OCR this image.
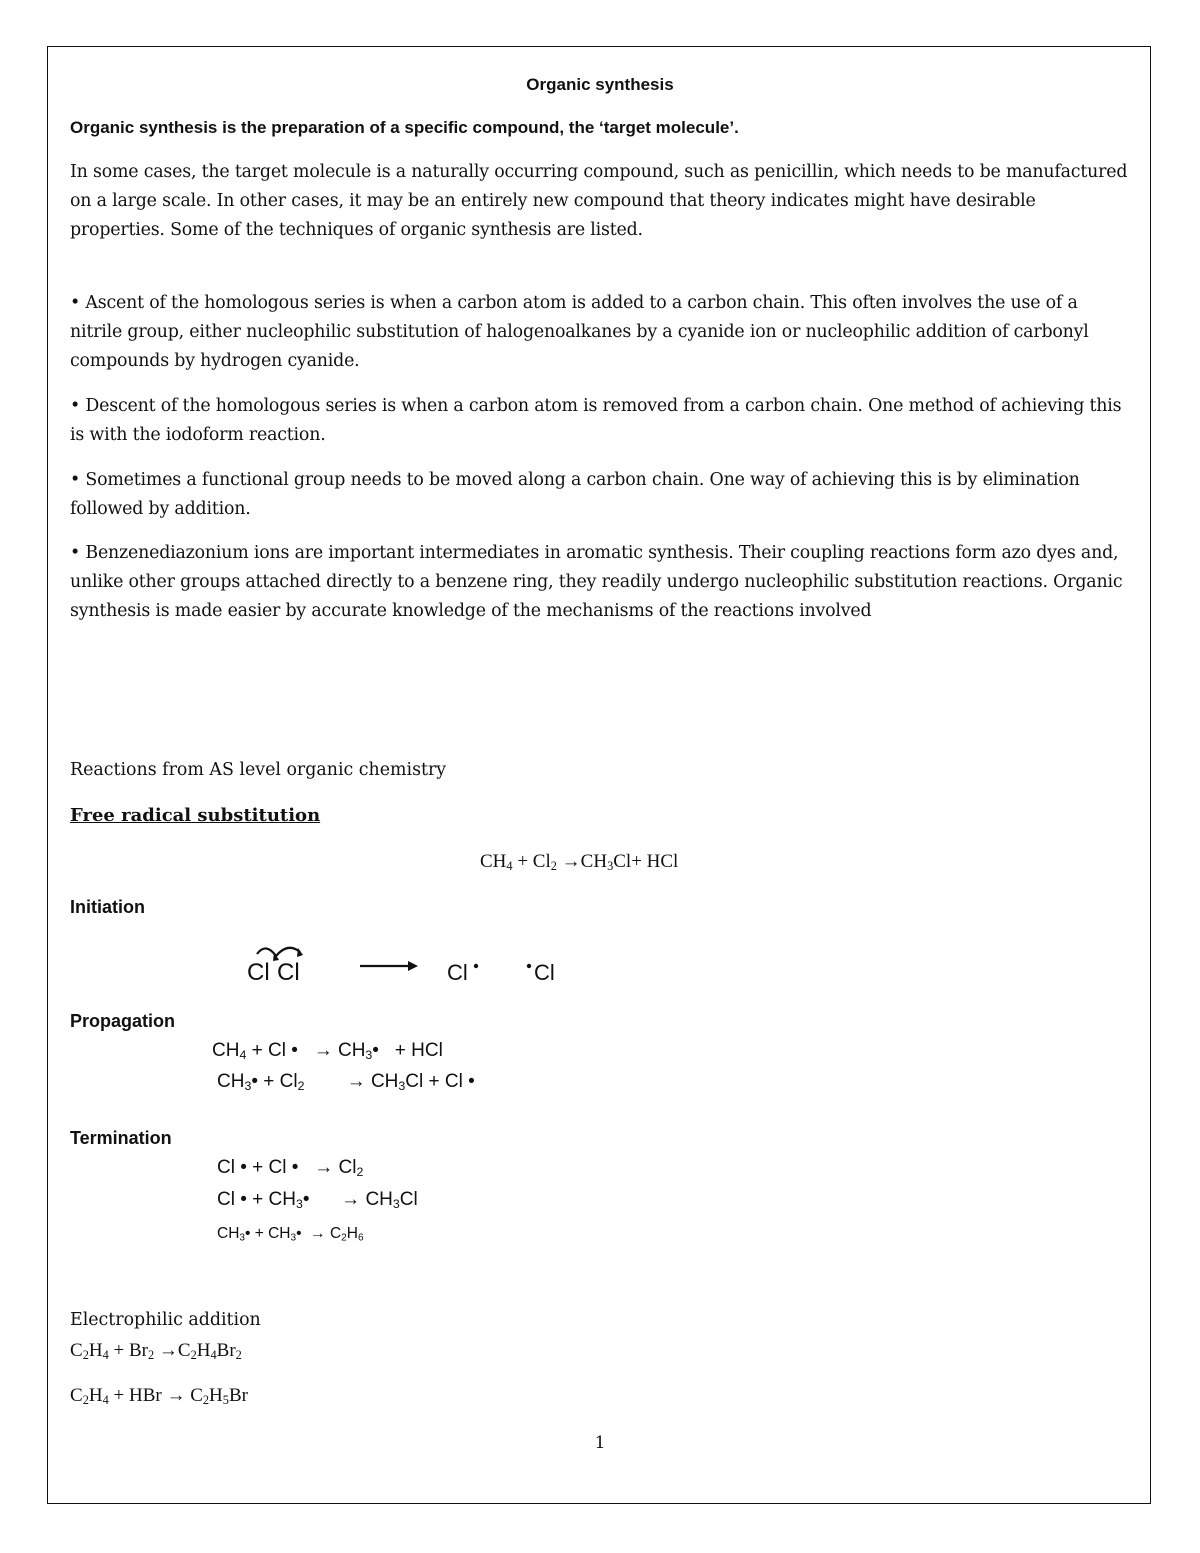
Organic synthesis

Organic synthesis is the preparation of a specific compound, the ‘target molecule’.

In some cases, the target molecule is a naturally occurring compound, such as penicillin, which needs to be manufactured on a large scale. In other cases, it may be an entirely new compound that theory indicates might have desirable properties. Some of the techniques of organic synthesis are listed.

• Ascent of the homologous series is when a carbon atom is added to a carbon chain. This often involves the use of a nitrile group, either nucleophilic substitution of halogenoalkanes by a cyanide ion or nucleophilic addition of carbonyl compounds by hydrogen cyanide.

• Descent of the homologous series is when a carbon atom is removed from a carbon chain. One method of achieving this is with the iodoform reaction.

• Sometimes a functional group needs to be moved along a carbon chain. One way of achieving this is by elimination followed by addition.

• Benzenediazonium ions are important intermediates in aromatic synthesis. Their coupling reactions form azo dyes and, unlike other groups attached directly to a benzene ring, they readily undergo nucleophilic substitution reactions. Organic synthesis is made easier by accurate knowledge of the mechanisms of the reactions involved

Reactions from AS level organic chemistry

Free radical substitution

$CH_4 + Cl_2 \to CH_3Cl+$ HCl

Initiation

Cl Cl	Cl	Cl

Propagation

$CH_4 + Cl$ •   → $CH_3•$   + HCl

$CH_3• + Cl_2$        → $CH_3Cl + Cl$ •

Termination

Cl • + Cl •   → $Cl_2$

Cl • + $CH_3•$      → $CH_3Cl$

$CH_3•$ + $CH_3• \to C_2H_6$

Electrophilic addition

$C_2H_4 + Br_2 \to C_2H_4Br_2$

$C_2H_4$ + HBr → $C_2H_5Br$

1
